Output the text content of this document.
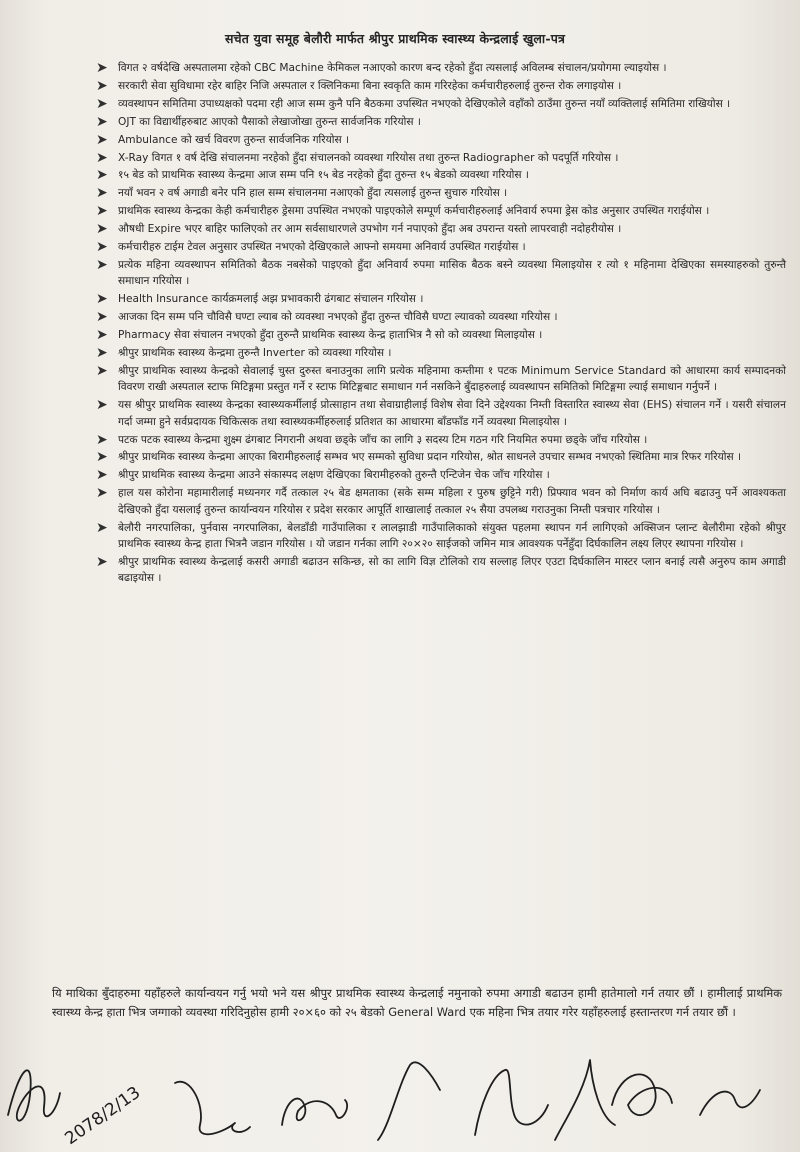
सचेत युवा समूह बेलौरी मार्फत श्रीपुर प्राथमिक स्वास्थ्य केन्द्रलाई खुला-पत्र
➤ विगत २ वर्षदेखि अस्पतालमा रहेको CBC Machine केमिकल नआएको कारण बन्द रहेको हुँदा त्यसलाई अविलम्ब संचालन/प्रयोगमा ल्याइयोस ।
➤ सरकारी सेवा सुविधामा रहेर बाहिर निजि अस्पताल र क्लिनिकमा बिना स्वकृति काम गरिरहेका कर्मचारीहरुलाई तुरुन्त रोक लगाइयोस ।
➤ व्यवस्थापन समितिमा उपाध्यक्षको पदमा रही आज सम्म कुनै पनि बैठकमा उपस्थित नभएको देखिएकोले वहाँको ठाउँमा तुरुन्त नयाँ व्यक्तिलाई समितिमा राखियोस ।
➤ OJT का विद्यार्थीहरुबाट आएको पैसाको लेखाजोखा तुरुन्त सार्वजनिक गरियोस ।
➤ Ambulance को खर्च विवरण तुरुन्त सार्वजनिक गरियोस ।
➤ X-Ray विगत १ वर्ष देखि संचालनमा नरहेको हुँदा संचालनको व्यवस्था गरियोस तथा तुरुन्त Radiographer को पदपूर्ति गरियोस ।
➤ १५ बेड को प्राथमिक स्वास्थ्य केन्द्रमा आज सम्म पनि १५ बेड नरहेको हुँदा तुरुन्त १५ बेडको व्यवस्था गरियोस ।
➤ नयाँ भवन २ वर्ष अगाडी बनेर पनि हाल सम्म संचालनमा नआएको हुँदा त्यसलाई तुरुन्त सुचारु गरियोस ।
➤ प्राथमिक स्वास्थ्य केन्द्रका केही कर्मचारीहरु ड्रेसमा उपस्थित नभएको पाइएकोले सम्पूर्ण कर्मचारीहरुलाई अनिवार्य रुपमा ड्रेस कोड अनुसार उपस्थित गराईयोस ।
➤ औषधी Expire भएर बाहिर फालिएको तर आम सर्वसाधारणले उपभोग गर्न नपाएको हुँदा अब उपरान्त यस्तो लापरवाही नदोहरीयोस ।
➤ कर्मचारीहरु टाईम टेवल अनुसार उपस्थित नभएको देखिएकाले आफ्नो समयमा अनिवार्य उपस्थित गराईयोस ।
➤ प्रत्येक महिना व्यवस्थापन समितिको बैठक नबसेको पाइएको हुँदा अनिवार्य रुपमा मासिक बैठक बस्ने व्यवस्था मिलाइयोस र त्यो १ महिनामा देखिएका समस्याहरुको तुरुन्तै समाधान गरियोस ।
➤ Health Insurance कार्यक्रमलाई अझ प्रभावकारी ढंगबाट संचालन गरियोस ।
➤ आजका दिन सम्म पनि चौविसै घण्टा ल्याब को व्यवस्था नभएको हुँदा तुरुन्त चौविसै घण्टा ल्यावको व्यवस्था गरियोस ।
➤ Pharmacy सेवा संचालन नभएको हुँदा तुरुन्तै प्राथमिक स्वास्थ्य केन्द्र हाताभित्र नै सो को व्यवस्था मिलाइयोस ।
➤ श्रीपुर प्राथमिक स्वास्थ्य केन्द्रमा तुरुन्तै Inverter को व्यवस्था गरियोस ।
➤ श्रीपुर प्राथमिक स्वास्थ्य केन्द्रको सेवालाई चुस्त दुरुस्त बनाउनुका लागि प्रत्येक महिनामा कम्तीमा १ पटक Minimum Service Standard को आधारमा कार्य सम्पादनको विवरण राखी अस्पताल स्टाफ मिटिङ्गमा प्रस्तुत गर्ने र स्टाफ मिटिङ्गबाट समाधान गर्न नसकिने बुँदाहरुलाई व्यवस्थापन समितिको मिटिङ्गमा ल्याई समाधान गर्नुपर्ने ।
➤ यस श्रीपुर प्राथमिक स्वास्थ्य केन्द्रका स्वास्थ्यकर्मीलाई प्रोत्साहान तथा सेवाग्राहीलाई विशेष सेवा दिने उद्देश्यका निम्ती विस्तारित स्वास्थ्य सेवा (EHS) संचालन गर्ने । यसरी संचालन गर्दा जम्मा हुने सर्वप्रदायक चिकित्सक तथा स्वास्थ्यकर्मीहरुलाई प्रतिशत का आधारमा बाँडफाँड गर्ने व्यवस्था मिलाइयोस ।
➤ पटक पटक स्वास्थ्य केन्द्रमा शुक्ष्म ढंगबाट निगरानी अथवा छड्के जाँच का लागि ३ सदस्य टिम गठन गरि नियमित रुपमा छड्के जाँच गरियोस ।
➤ श्रीपुर प्राथमिक स्वास्थ्य केन्द्रमा आएका बिरामीहरुलाई सम्भव भए सम्मको सुविधा प्रदान गरियोस, श्रोत साधनले उपचार सम्भव नभएको स्थितिमा मात्र रिफर गरियोस ।
➤ श्रीपुर प्राथमिक स्वास्थ्य केन्द्रमा आउने संकास्पद लक्षण देखिएका बिरामीहरुको तुरुन्तै एन्टिजेन चेक जाँच गरियोस ।
➤ हाल यस कोरोना महामारीलाई मध्यनगर गर्दै तत्काल २५ बेड क्षमताका (सके सम्म महिला र पुरुष छुट्टिने गरी) प्रिफ्याव भवन को निर्माण कार्य अघि बढाउनु पर्ने आवश्यकता देखिएको हुँदा यसलाई तुरुन्त कार्यान्वयन गरियोस र प्रदेश सरकार आपूर्ति शाखालाई तत्काल २५ सैया उपलब्ध गराउनुका निम्ती पत्रचार गरियोस ।
➤ बेलौरी नगरपालिका, पुर्नवास नगरपालिका, बेलडाँडी गाउँपालिका र लालझाडी गाउँपालिकाको संयुक्त पहलमा स्थापन गर्न लागिएको अक्सिजन प्लान्ट बेलौरीमा रहेको श्रीपुर प्राथमिक स्वास्थ्य केन्द्र हाता भित्रनै जडान गरियोस । यो जडान गर्नका लागि २०×२० साईजको जमिन मात्र आवश्यक पर्नेहुँदा दिर्घकालिन लक्ष्य लिएर स्थापना गरियोस ।
➤ श्रीपुर प्राथमिक स्वास्थ्य केन्द्रलाई कसरी अगाडी बढाउन सकिन्छ, सो का लागि विज्ञ टोलिको राय सल्लाह लिएर एउटा दिर्घकालिन मास्टर प्लान बनाई त्यसै अनुरुप काम अगाडी बढाइयोस ।
यि माथिका बुँदाहरुमा यहाँहरुले कार्यान्वयन गर्नु भयो भने यस श्रीपुर प्राथमिक स्वास्थ्य केन्द्रलाई नमुनाको रुपमा अगाडी बढाउन हामी हातेमालो गर्न तयार छौं । हामीलाई प्राथमिक स्वास्थ्य केन्द्र हाता भित्र जग्गाको व्यवस्था गरिदिनुहोस हामी २०×६० को २५ बेडको General Ward एक महिना भित्र तयार गरेर यहाँहरुलाई हस्तान्तरण गर्न तयार छौं ।
2078/2/13
